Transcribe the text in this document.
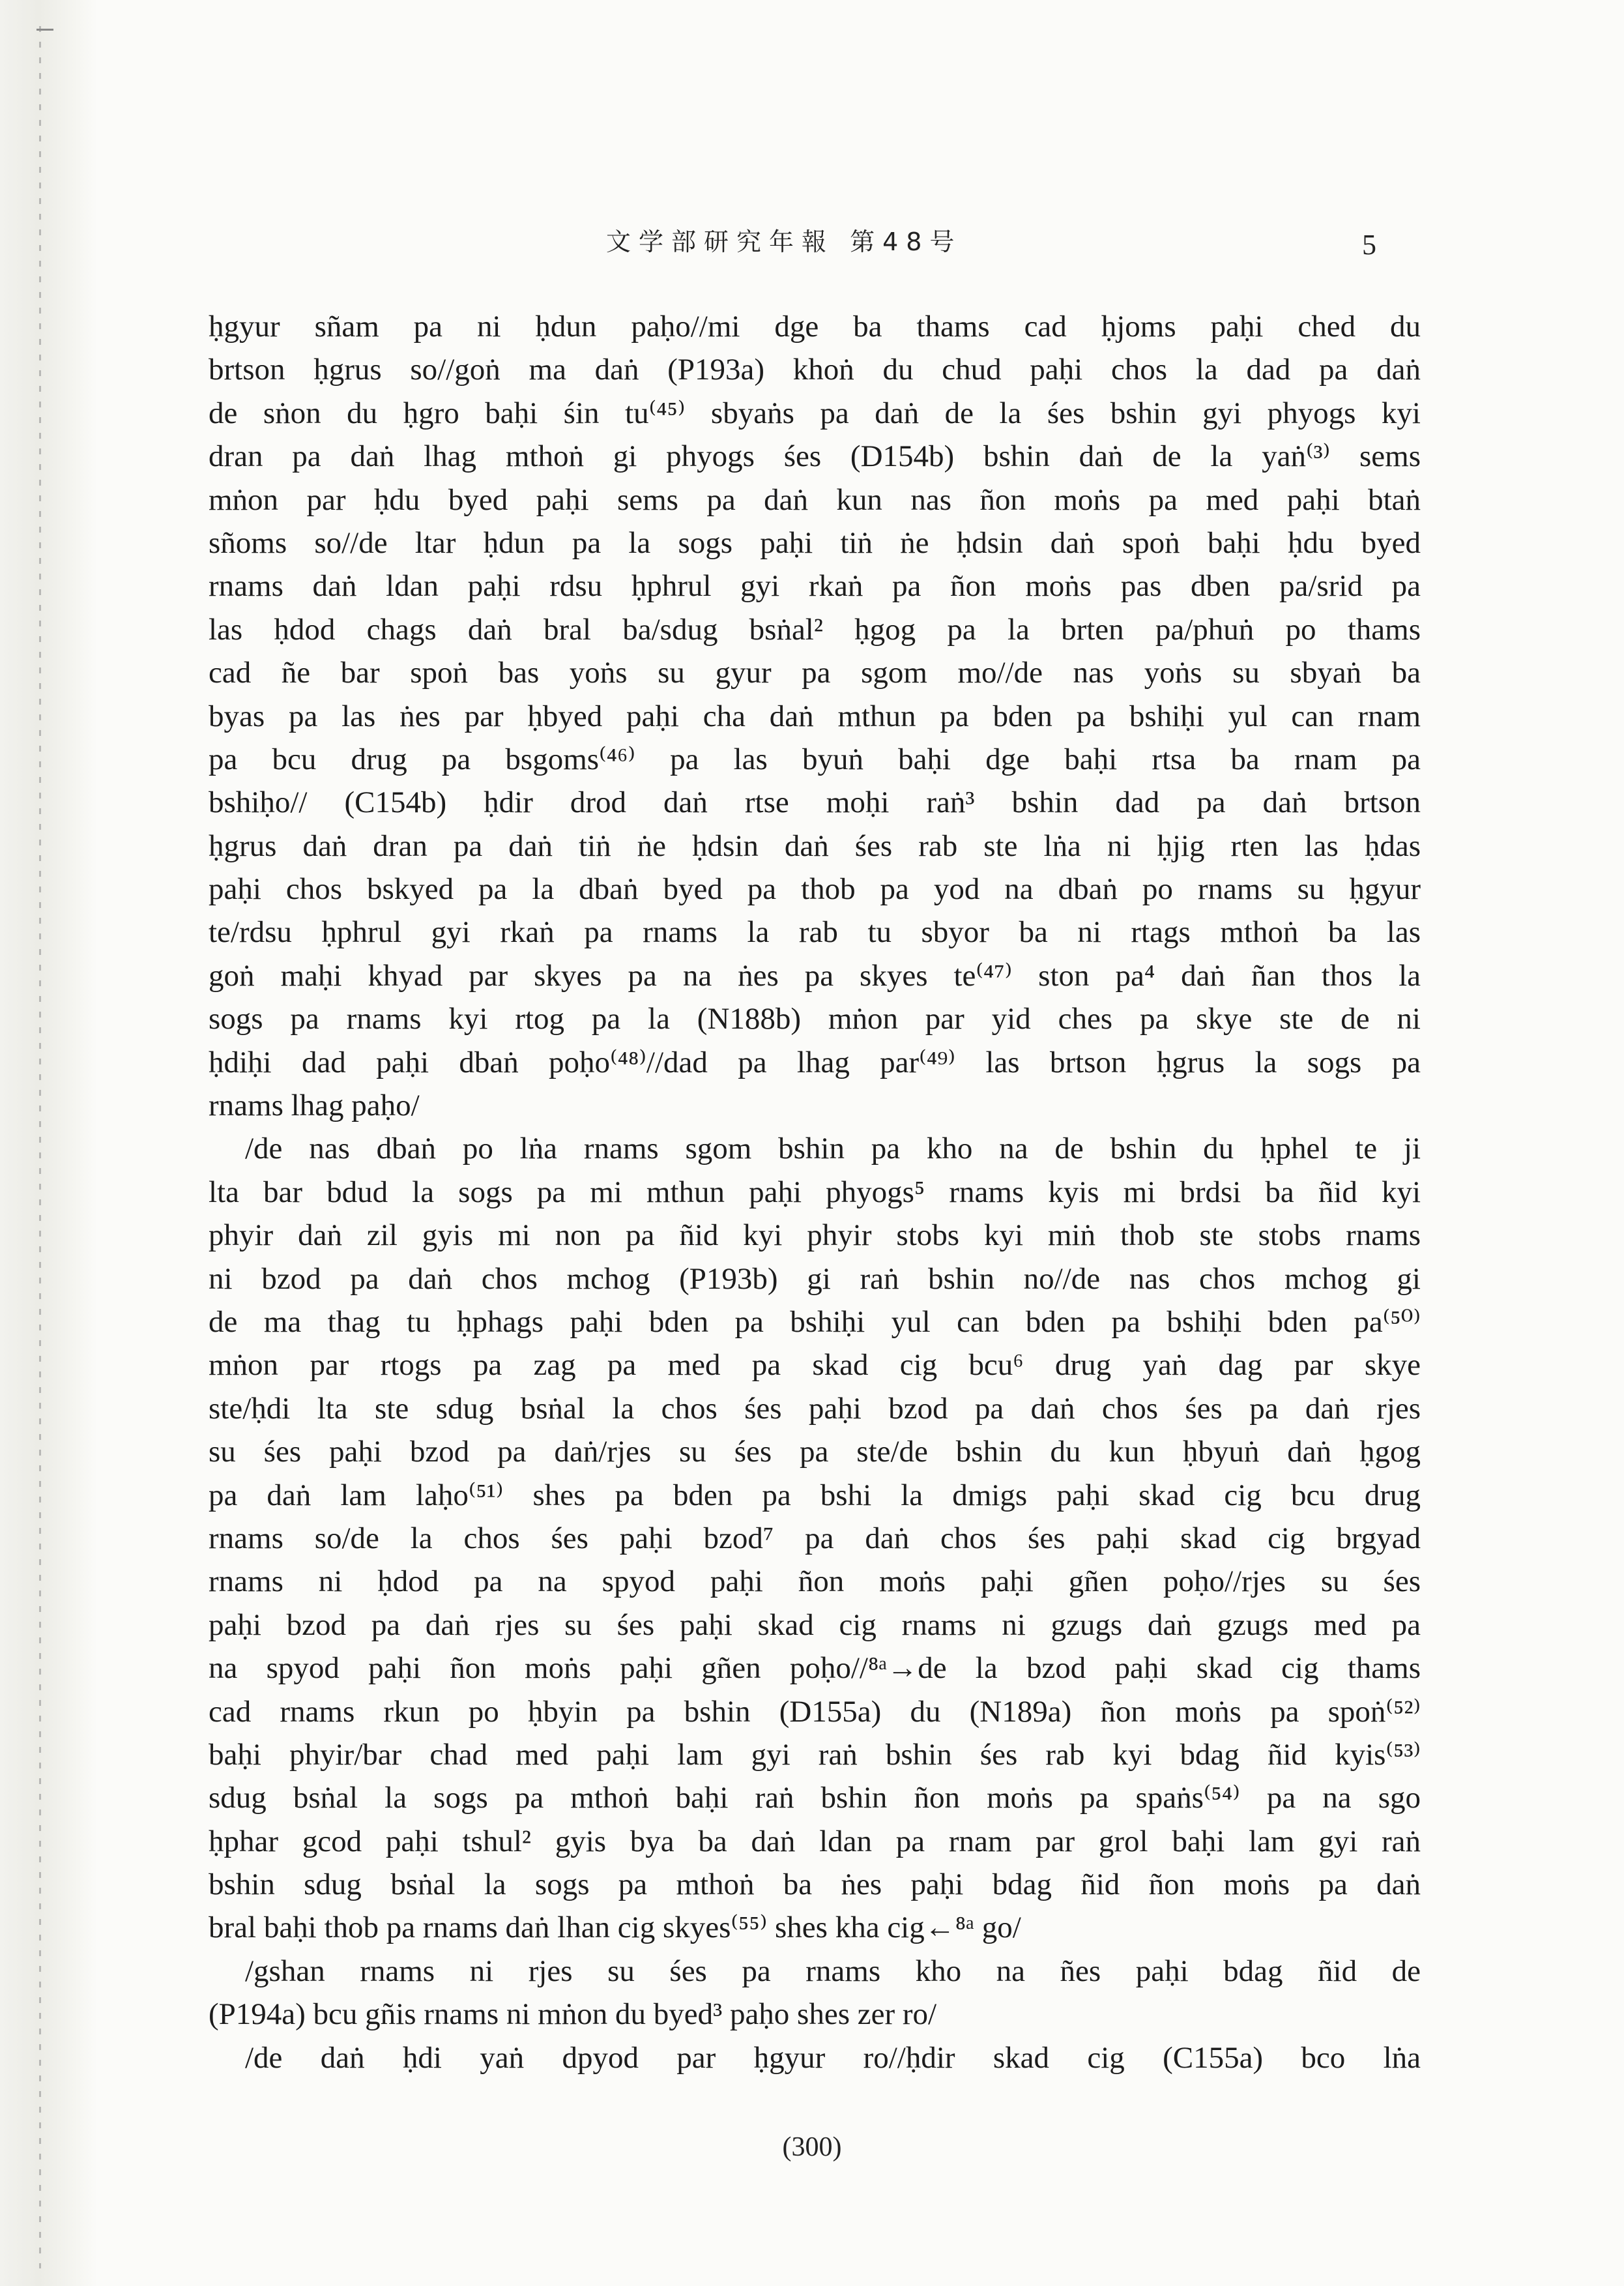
文学部研究年報 第48号	5
ḥgyur sñam pa ni ḥdun paḥo//mi dge ba thams cad ḥjoms paḥi ched du
brtson ḥgrus so//goṅ ma daṅ (P193a) khoṅ du chud paḥi chos la dad pa daṅ
de sṅon du ḥgro baḥi śin tu⁽⁴⁵⁾ sbyaṅs pa daṅ de la śes bshin gyi phyogs kyi
dran pa daṅ lhag mthoṅ gi phyogs śes (D154b) bshin daṅ de la yaṅ⁽³⁾ sems
mṅon par ḥdu byed paḥi sems pa daṅ kun nas ñon moṅs pa med paḥi btaṅ
sñoms so//de ltar ḥdun pa la sogs paḥi tiṅ ṅe ḥdsin daṅ spoṅ baḥi ḥdu byed
rnams daṅ ldan paḥi rdsu ḥphrul gyi rkaṅ pa ñon moṅs pas dben pa/srid pa
las ḥdod chags daṅ bral ba/sdug bsṅal² ḥgog pa la brten pa/phuṅ po thams
cad ñe bar spoṅ bas yoṅs su gyur pa sgom mo//de nas yoṅs su sbyaṅ ba
byas pa las ṅes par ḥbyed paḥi cha daṅ mthun pa bden pa bshiḥi yul can rnam
pa bcu drug pa bsgoms⁽⁴⁶⁾ pa las byuṅ baḥi dge baḥi rtsa ba rnam pa
bshiḥo// (C154b) ḥdir drod daṅ rtse moḥi raṅ³ bshin dad pa daṅ brtson
ḥgrus daṅ dran pa daṅ tiṅ ṅe ḥdsin daṅ śes rab ste lṅa ni ḥjig rten las ḥdas
paḥi chos bskyed pa la dbaṅ byed pa thob pa yod na dbaṅ po rnams su ḥgyur
te/rdsu ḥphrul gyi rkaṅ pa rnams la rab tu sbyor ba ni rtags mthoṅ ba las
goṅ maḥi khyad par skyes pa na ṅes pa skyes te⁽⁴⁷⁾ ston pa⁴ daṅ ñan thos la
sogs pa rnams kyi rtog pa la (N188b) mṅon par yid ches pa skye ste de ni
ḥdiḥi dad paḥi dbaṅ poḥo⁽⁴⁸⁾//dad pa lhag par⁽⁴⁹⁾ las brtson ḥgrus la sogs pa
rnams lhag paḥo/
/de nas dbaṅ po lṅa rnams sgom bshin pa kho na de bshin du ḥphel te ji
lta bar bdud la sogs pa mi mthun paḥi phyogs⁵ rnams kyis mi brdsi ba ñid kyi
phyir daṅ zil gyis mi non pa ñid kyi phyir stobs kyi miṅ thob ste stobs rnams
ni bzod pa daṅ chos mchog (P193b) gi raṅ bshin no//de nas chos mchog gi
de ma thag tu ḥphags paḥi bden pa bshiḥi yul can bden pa bshiḥi bden pa⁽⁵⁰⁾
mṅon par rtogs pa zag pa med pa skad cig bcu⁶ drug yaṅ dag par skye
ste/ḥdi lta ste sdug bsṅal la chos śes paḥi bzod pa daṅ chos śes pa daṅ rjes
su śes paḥi bzod pa daṅ/rjes su śes pa ste/de bshin du kun ḥbyuṅ daṅ ḥgog
pa daṅ lam laḥo⁽⁵¹⁾ shes pa bden pa bshi la dmigs paḥi skad cig bcu drug
rnams so/de la chos śes paḥi bzod⁷ pa daṅ chos śes paḥi skad cig brgyad
rnams ni ḥdod pa na spyod paḥi ñon moṅs paḥi gñen poḥo//rjes su śes
paḥi bzod pa daṅ rjes su śes paḥi skad cig rnams ni gzugs daṅ gzugs med pa
na spyod paḥi ñon moṅs paḥi gñen poḥo//⁸ᵃ→de la bzod paḥi skad cig thams
cad rnams rkun po ḥbyin pa bshin (D155a) du (N189a) ñon moṅs pa spoṅ⁽⁵²⁾
baḥi phyir/bar chad med paḥi lam gyi raṅ bshin śes rab kyi bdag ñid kyis⁽⁵³⁾
sdug bsṅal la sogs pa mthoṅ baḥi raṅ bshin ñon moṅs pa spaṅs⁽⁵⁴⁾ pa na sgo
ḥphar gcod paḥi tshul² gyis bya ba daṅ ldan pa rnam par grol baḥi lam gyi raṅ
bshin sdug bsṅal la sogs pa mthoṅ ba ṅes paḥi bdag ñid ñon moṅs pa daṅ
bral baḥi thob pa rnams daṅ lhan cig skyes⁽⁵⁵⁾ shes kha cig←⁸ᵃ go/
/gshan rnams ni rjes su śes pa rnams kho na ñes paḥi bdag ñid de
(P194a) bcu gñis rnams ni mṅon du byed³ paḥo shes zer ro/
/de daṅ ḥdi yaṅ dpyod par ḥgyur ro//ḥdir skad cig (C155a) bco lṅa
(300)
